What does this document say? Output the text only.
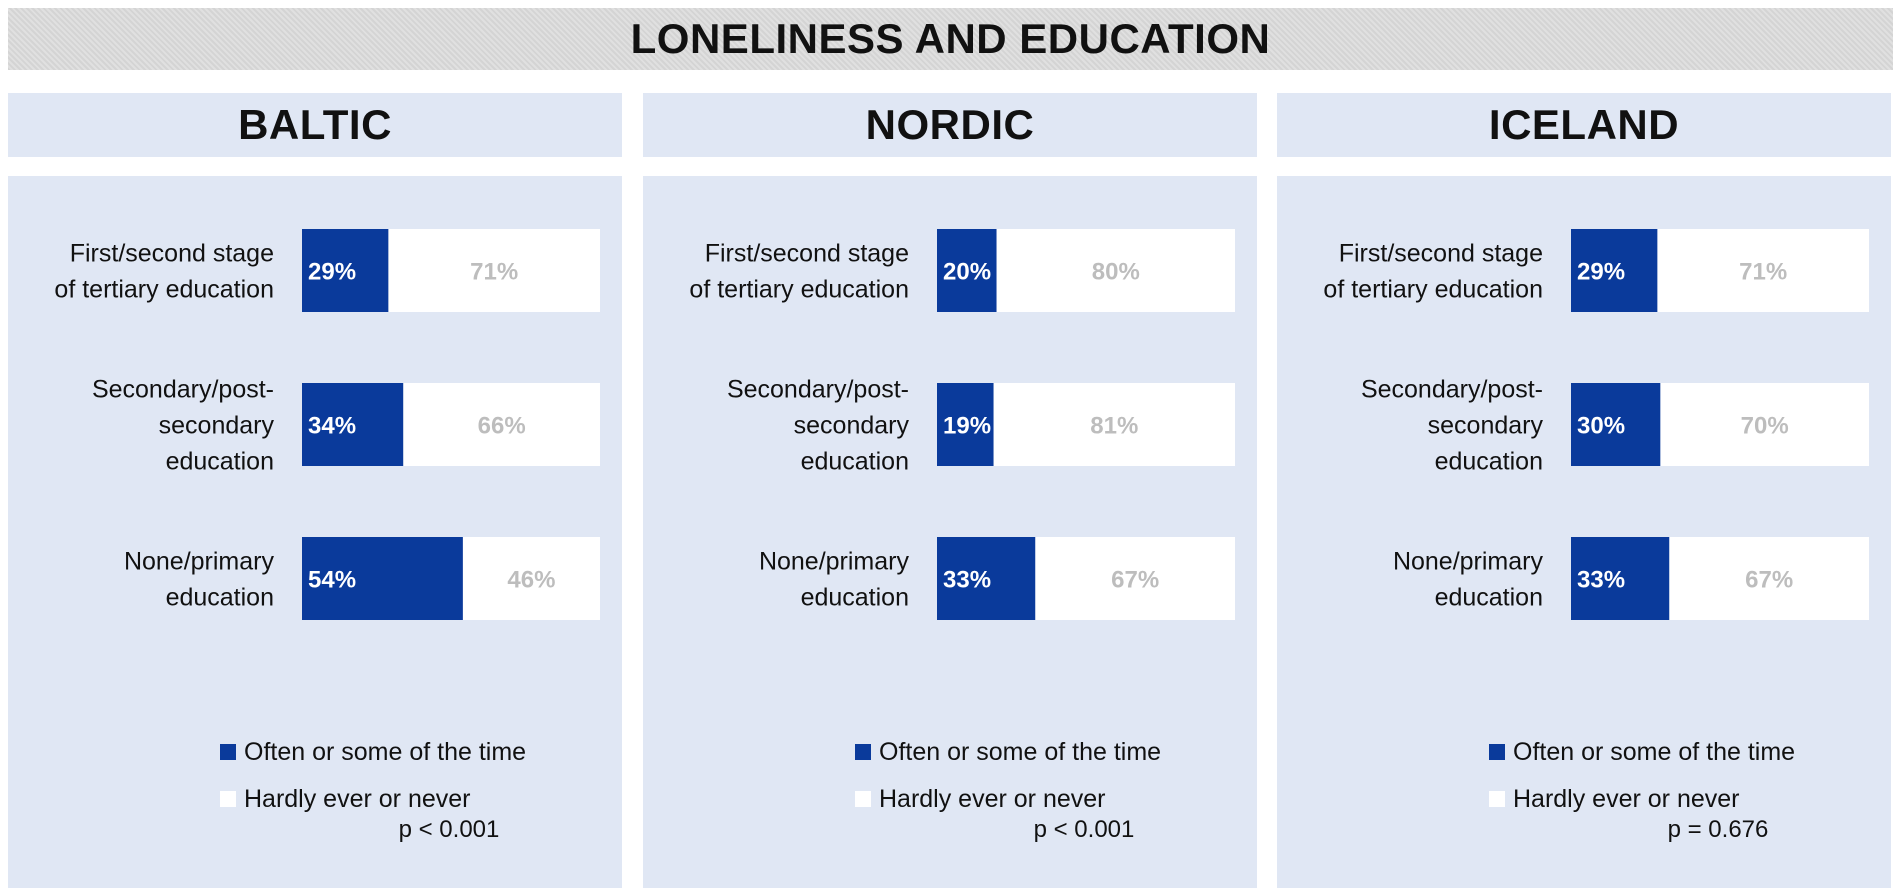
LONELINESS AND EDUCATION
BALTIC
First/second stage of tertiary education
29%	71%
Secondary/post-secondary education
34%	66%
None/primary education
54%	46%
p < 0.001
Often or some of the time
Hardly ever or never
NORDIC
First/second stage of tertiary education
20%	80%
Secondary/post-secondary education
19%	81%
None/primary education
33%	67%
p < 0.001
Often or some of the time
Hardly ever or never
ICELAND
First/second stage of tertiary education
29%	71%
Secondary/post-secondary education
30%	70%
None/primary education
33%	67%
p = 0.676
Often or some of the time
Hardly ever or never
